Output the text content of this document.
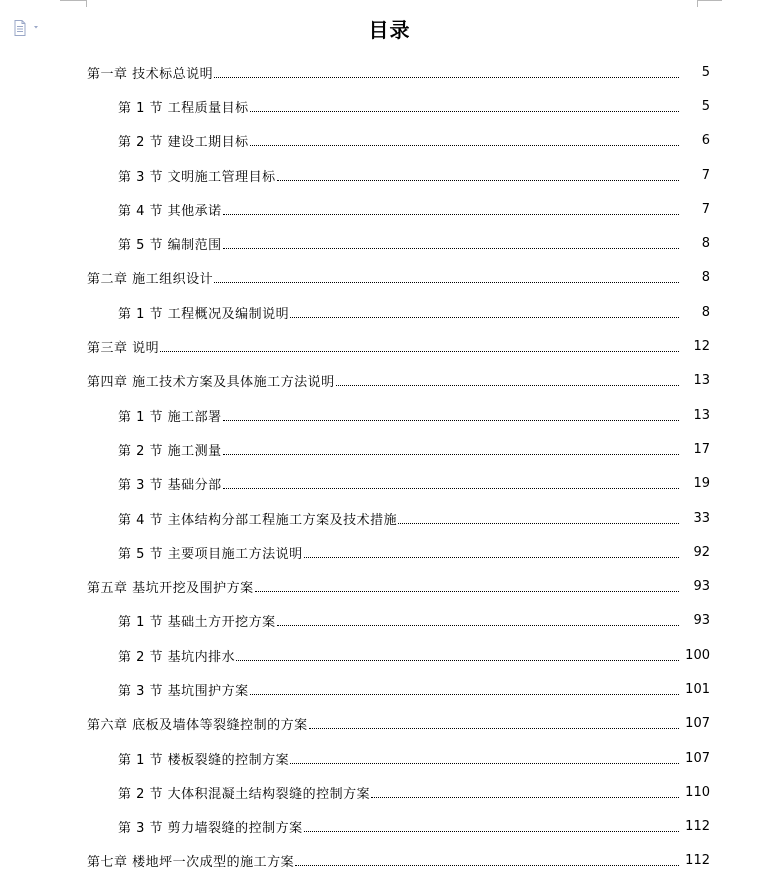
目录
第一章 技术标总说明	5
第 1 节 工程质量目标	5
第 2 节 建设工期目标	6
第 3 节 文明施工管理目标	7
第 4 节 其他承诺	7
第 5 节 编制范围	8
第二章 施工组织设计	8
第 1 节 工程概况及编制说明	8
第三章 说明	12
第四章 施工技术方案及具体施工方法说明	13
第 1 节 施工部署	13
第 2 节 施工测量	17
第 3 节 基础分部	19
第 4 节 主体结构分部工程施工方案及技术措施	33
第 5 节 主要项目施工方法说明	92
第五章 基坑开挖及围护方案	93
第 1 节 基础土方开挖方案	93
第 2 节 基坑内排水	100
第 3 节 基坑围护方案	101
第六章 底板及墙体等裂缝控制的方案	107
第 1 节 楼板裂缝的控制方案	107
第 2 节 大体积混凝土结构裂缝的控制方案	110
第 3 节 剪力墙裂缝的控制方案	112
第七章 楼地坪一次成型的施工方案	112
